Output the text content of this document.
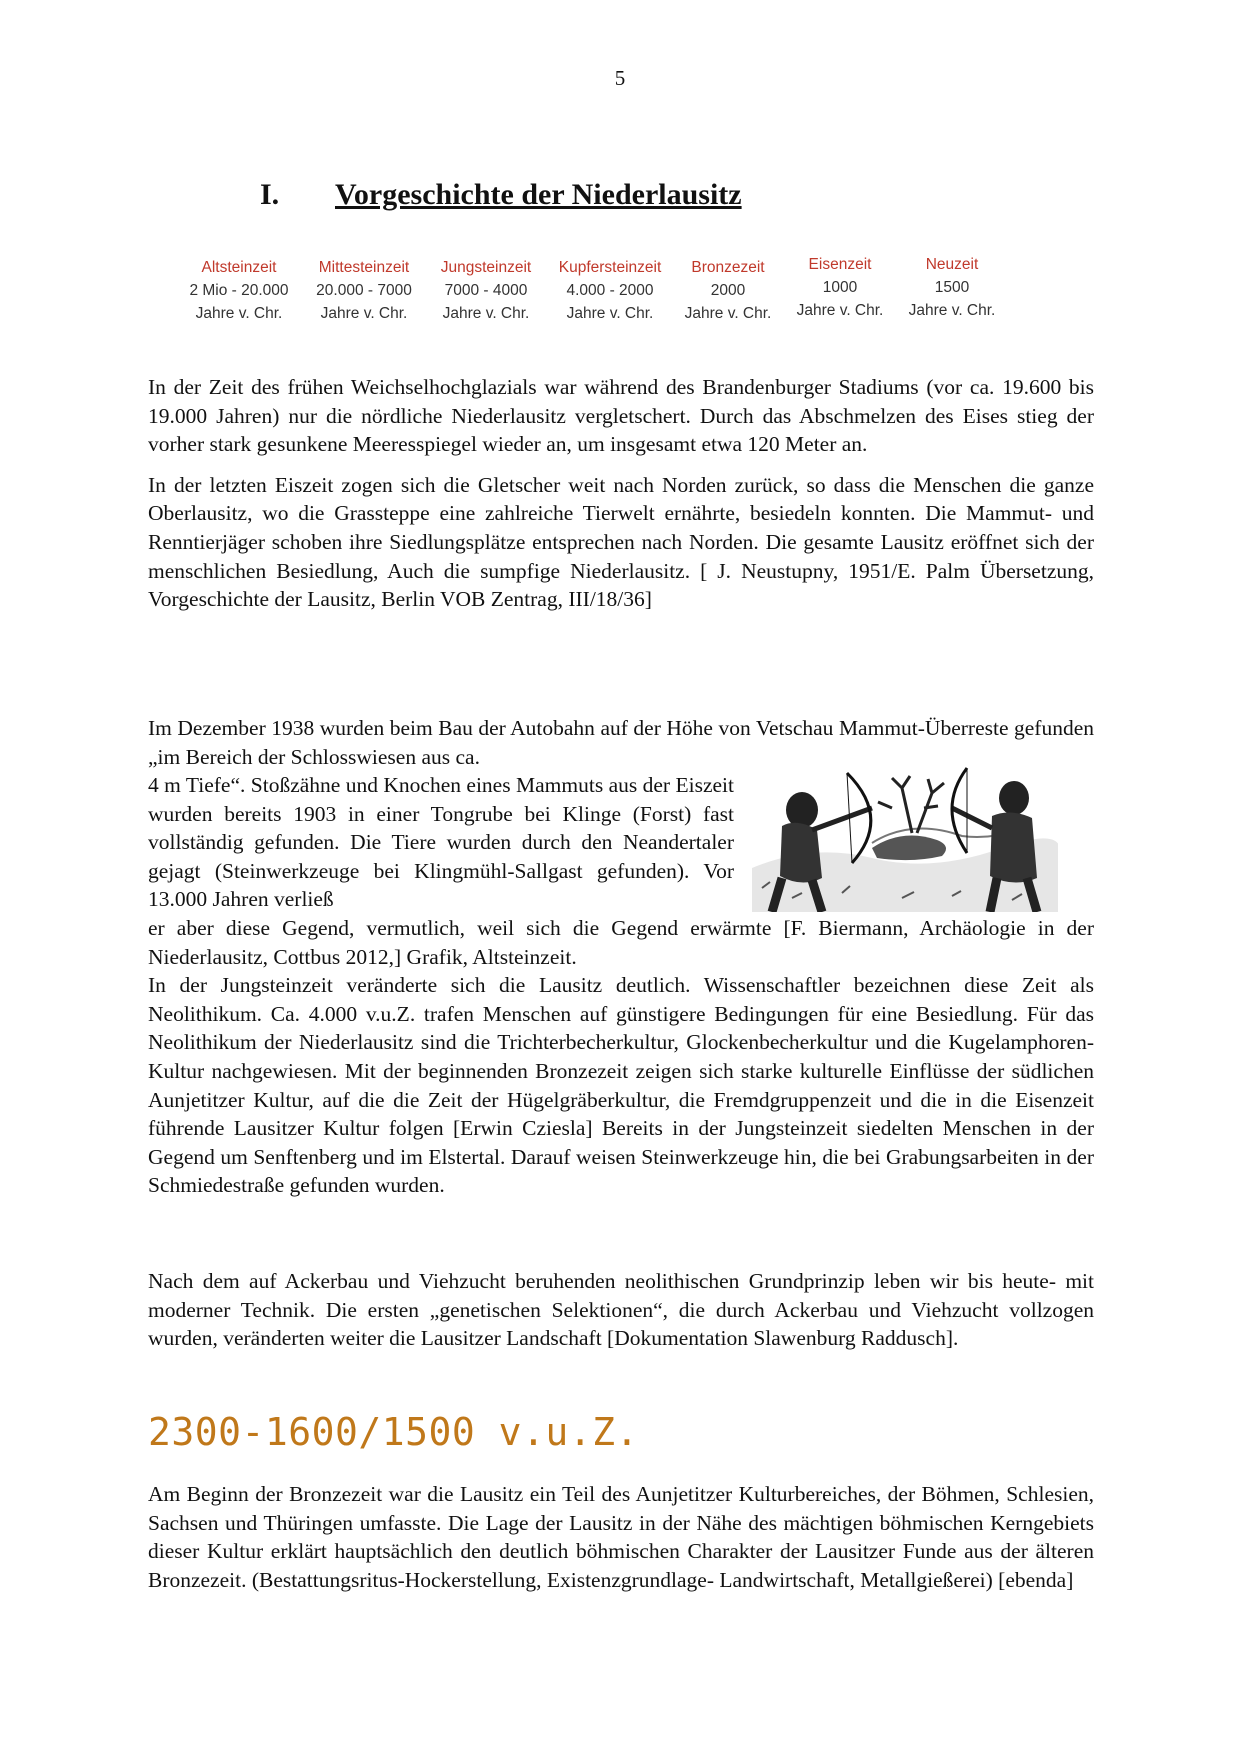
5
I. Vorgeschichte der Niederlausitz
Altsteinzeit
2 Mio - 20.000
Jahre v. Chr.
Mittesteinzeit
20.000 - 7000
Jahre v. Chr.
Jungsteinzeit
7000 - 4000
Jahre v. Chr.
Kupfersteinzeit
4.000 - 2000
Jahre v. Chr.
Bronzezeit
2000
Jahre v. Chr.
Eisenzeit
1000
Jahre v. Chr.
Neuzeit
1500
Jahre v. Chr.

In der Zeit des frühen Weichselhochglazials war während des Brandenburger Stadiums (vor ca. 19.600 bis 19.000 Jahren) nur die nördliche Niederlausitz vergletschert. Durch das Abschmelzen des Eises stieg der vorher stark gesunkene Meeresspiegel wieder an, um insgesamt etwa 120 Meter an.

In der letzten Eiszeit zogen sich die Gletscher weit nach Norden zurück, so dass die Menschen die ganze Oberlausitz, wo die Grassteppe eine zahlreiche Tierwelt ernährte, besiedeln konnten. Die Mammut- und Renntierjäger schoben ihre Siedlungsplätze entsprechen nach Norden. Die gesamte Lausitz eröffnet sich der menschlichen Besiedlung, Auch die sumpfige Niederlausitz. [ J. Neustupny, 1951/E. Palm Übersetzung, Vorgeschichte der Lausitz, Berlin VOB Zentrag, III/18/36]

Im Dezember 1938 wurden beim Bau der Autobahn auf der Höhe von Vetschau Mammut-Überreste gefunden „im Bereich der Schlosswiesen aus ca.

4 m Tiefe“. Stoßzähne und Knochen eines Mammuts aus der Eiszeit wurden bereits 1903 in einer Tongrube bei Klinge (Forst) fast vollständig gefunden. Die Tiere wurden durch den Neandertaler gejagt (Steinwerkzeuge bei Klingmühl-Sallgast gefunden). Vor 13.000 Jahren verließ

er aber diese Gegend, vermutlich, weil sich die Gegend erwärmte [F. Biermann, Archäologie in der Niederlausitz, Cottbus 2012,] Grafik, Altsteinzeit.

In der Jungsteinzeit veränderte sich die Lausitz deutlich. Wissenschaftler bezeichnen diese Zeit als Neolithikum. Ca. 4.000 v.u.Z. trafen Menschen auf günstigere Bedingungen für eine Besiedlung. Für das Neolithikum der Niederlausitz sind die Trichterbecherkultur, Glockenbecherkultur und die Kugelamphoren-Kultur nachgewiesen. Mit der beginnenden Bronzezeit zeigen sich starke kulturelle Einflüsse der südlichen Aunjetitzer Kultur, auf die die Zeit der Hügelgräberkultur, die Fremdgruppenzeit und die in die Eisenzeit führende Lausitzer Kultur folgen [Erwin Cziesla] Bereits in der Jungsteinzeit siedelten Menschen in der Gegend um Senftenberg und im Elstertal. Darauf weisen Steinwerkzeuge hin, die bei Grabungsarbeiten in der Schmiedestraße gefunden wurden.

Nach dem auf Ackerbau und Viehzucht beruhenden neolithischen Grundprinzip leben wir bis heute- mit moderner Technik. Die ersten „genetischen Selektionen“, die durch Ackerbau und Viehzucht vollzogen wurden, veränderten weiter die Lausitzer Landschaft [Dokumentation Slawenburg Raddusch].

2300-1600/1500 v.u.Z.

Am Beginn der Bronzezeit war die Lausitz ein Teil des Aunjetitzer Kulturbereiches, der Böhmen, Schlesien, Sachsen und Thüringen umfasste. Die Lage der Lausitz in der Nähe des mächtigen böhmischen Kerngebiets dieser Kultur erklärt hauptsächlich den deutlich böhmischen Charakter der Lausitzer Funde aus der älteren Bronzezeit. (Bestattungsritus-Hockerstellung, Existenzgrundlage- Landwirtschaft, Metallgießerei) [ebenda]
